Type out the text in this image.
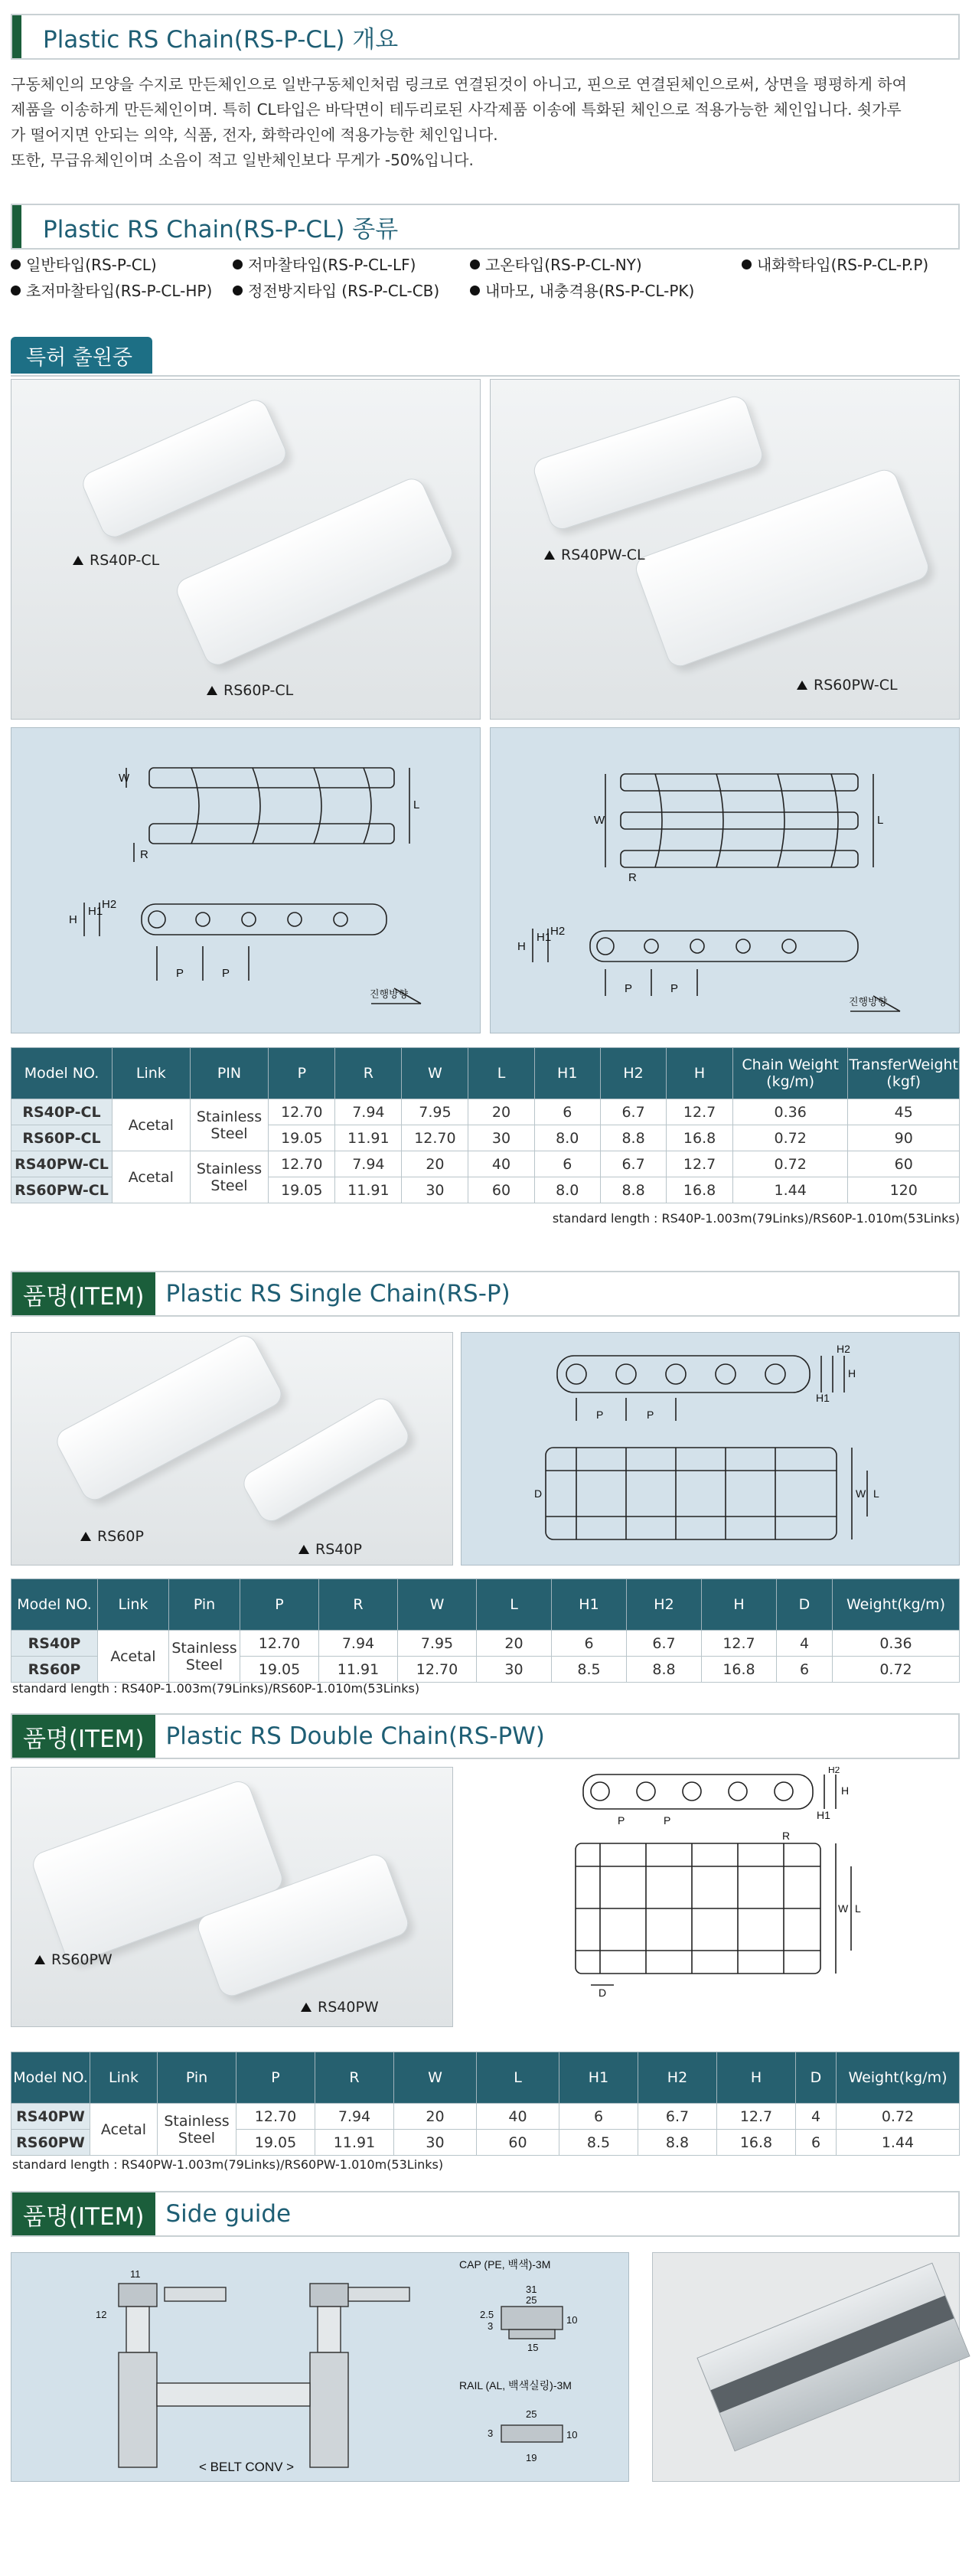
Plastic RS Chain(RS-P-CL) 개요
구동체인의 모양을 수지로 만든체인으로 일반구동체인처럼 링크로 연결된것이 아니고, 핀으로 연결된체인으로써, 상면을 평평하게 하여
제품을 이송하게 만든체인이며. 특히 CL타입은 바닥면이 테두리로된 사각제품 이송에 특화된 체인으로 적용가능한 체인입니다. 쇳가루
가 떨어지면 안되는 의약, 식품, 전자, 화학라인에 적용가능한 체인입니다.
또한, 무급유체인이며 소음이 적고 일반체인보다 무게가 -50%입니다.
Plastic RS Chain(RS-P-CL) 종류
일반타입(RS-P-CL)	저마찰타입(RS-P-CL-LF)	고온타입(RS-P-CL-NY)	내화학타입(RS-P-CL-P.P)
초저마찰타입(RS-P-CL-HP)	정전방지타입 (RS-P-CL-CB)	내마모, 내충격용(RS-P-CL-PK)
특허 출원중
RS40P-CL
RS60P-CL
RS40PW-CL
RS60PW-CL
W
L
R
H
H1
H2
P	P
진행방향
W	L
R
H
H1
H2
P	P
진행방향
Model NO.	Link	PIN	P	R	W	L	H1	H2	H	Chain Weight (kg/m)	TransferWeight (kgf)
RS40P-CL	Acetal	Stainless Steel	12.70	7.94	7.95	20	6	6.7	12.7	0.36	45
RS60P-CL			19.05	11.91	12.70	30	8.0	8.8	16.8	0.72	90
RS40PW-CL	Acetal	Stainless Steel	12.70	7.94	20	40	6	6.7	12.7	0.72	60
RS60PW-CL			19.05	11.91	30	60	8.0	8.8	16.8	1.44	120
standard length : RS40P-1.003m(79Links)/RS60P-1.010m(53Links)
품명(ITEM) Plastic RS Single Chain(RS-P)
RS60P
RS40P
P	P
H
H1
H2
D	W L
Model NO.	Link	Pin	P	R	W	L	H1	H2	H	D	Weight(kg/m)
RS40P	Acetal	Stainless Steel	12.70	7.94	7.95	20	6	6.7	12.7	4	0.36
RS60P			19.05	11.91	12.70	30	8.5	8.8	16.8	6	0.72
standard length : RS40P-1.003m(79Links)/RS60P-1.010m(53Links)
품명(ITEM) Plastic RS Double Chain(RS-PW)
RS60PW
RS40PW
P	P
R
H
H1
H2
W L
D
Model NO.	Link	Pin	P	R	W	L	H1	H2	H	D	Weight(kg/m)
RS40PW	Acetal	Stainless Steel	12.70	7.94	20	40	6	6.7	12.7	4	0.72
RS60PW			19.05	11.91	30	60	8.5	8.8	16.8	6	1.44
standard length : RS40PW-1.003m(79Links)/RS60PW-1.010m(53Links)
품명(ITEM) Side guide
11
12
< BELT CONV >
CAP (PE, 백색)-3M
31
25
15
10
2.5
3
RAIL (AL, 백색실링)-3M
25
19
10
3
